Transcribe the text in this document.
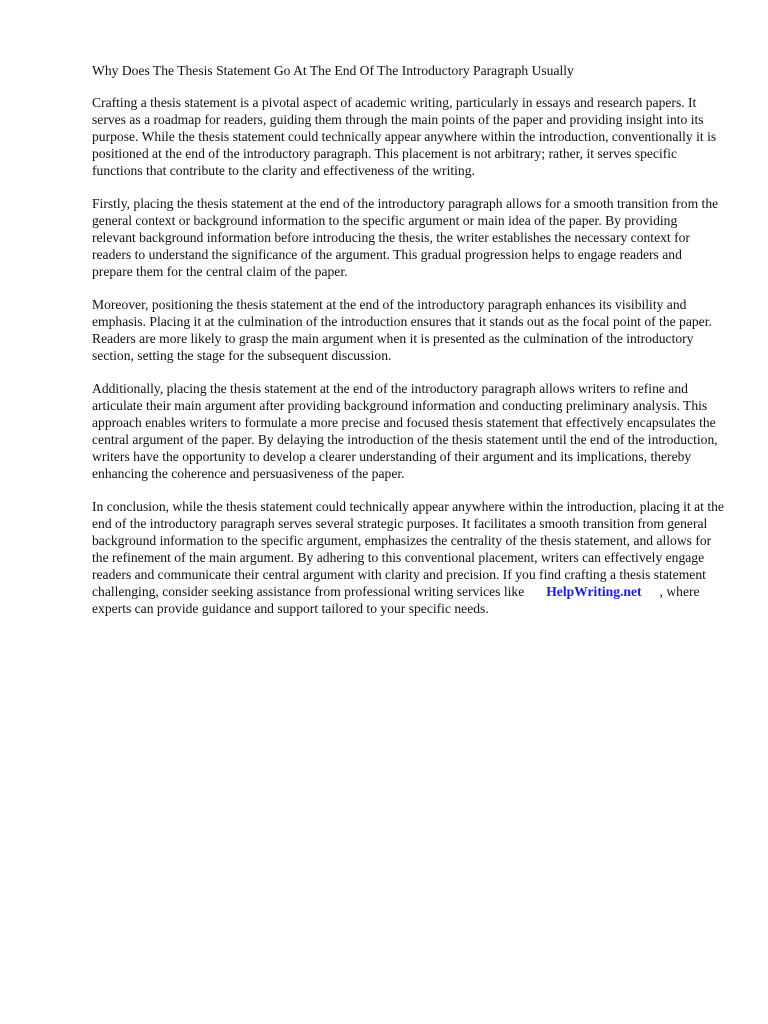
Why Does The Thesis Statement Go At The End Of The Introductory Paragraph Usually

Crafting a thesis statement is a pivotal aspect of academic writing, particularly in essays and research papers. It serves as a roadmap for readers, guiding them through the main points of the paper and providing insight into its purpose. While the thesis statement could technically appear anywhere within the introduction, conventionally it is positioned at the end of the introductory paragraph. This placement is not arbitrary; rather, it serves specific functions that contribute to the clarity and effectiveness of the writing.

Firstly, placing the thesis statement at the end of the introductory paragraph allows for a smooth transition from the general context or background information to the specific argument or main idea of the paper. By providing relevant background information before introducing the thesis, the writer establishes the necessary context for readers to understand the significance of the argument. This gradual progression helps to engage readers and prepare them for the central claim of the paper.

Moreover, positioning the thesis statement at the end of the introductory paragraph enhances its visibility and emphasis. Placing it at the culmination of the introduction ensures that it stands out as the focal point of the paper. Readers are more likely to grasp the main argument when it is presented as the culmination of the introductory section, setting the stage for the subsequent discussion.

Additionally, placing the thesis statement at the end of the introductory paragraph allows writers to refine and articulate their main argument after providing background information and conducting preliminary analysis. This approach enables writers to formulate a more precise and focused thesis statement that effectively encapsulates the central argument of the paper. By delaying the introduction of the thesis statement until the end of the introduction, writers have the opportunity to develop a clearer understanding of their argument and its implications, thereby enhancing the coherence and persuasiveness of the paper.

In conclusion, while the thesis statement could technically appear anywhere within the introduction, placing it at the end of the introductory paragraph serves several strategic purposes. It facilitates a smooth transition from general background information to the specific argument, emphasizes the centrality of the thesis statement, and allows for the refinement of the main argument. By adhering to this conventional placement, writers can effectively engage readers and communicate their central argument with clarity and precision. If you find crafting a thesis statement challenging, consider seeking assistance from professional writing services like HelpWriting.net , where experts can provide guidance and support tailored to your specific needs.
